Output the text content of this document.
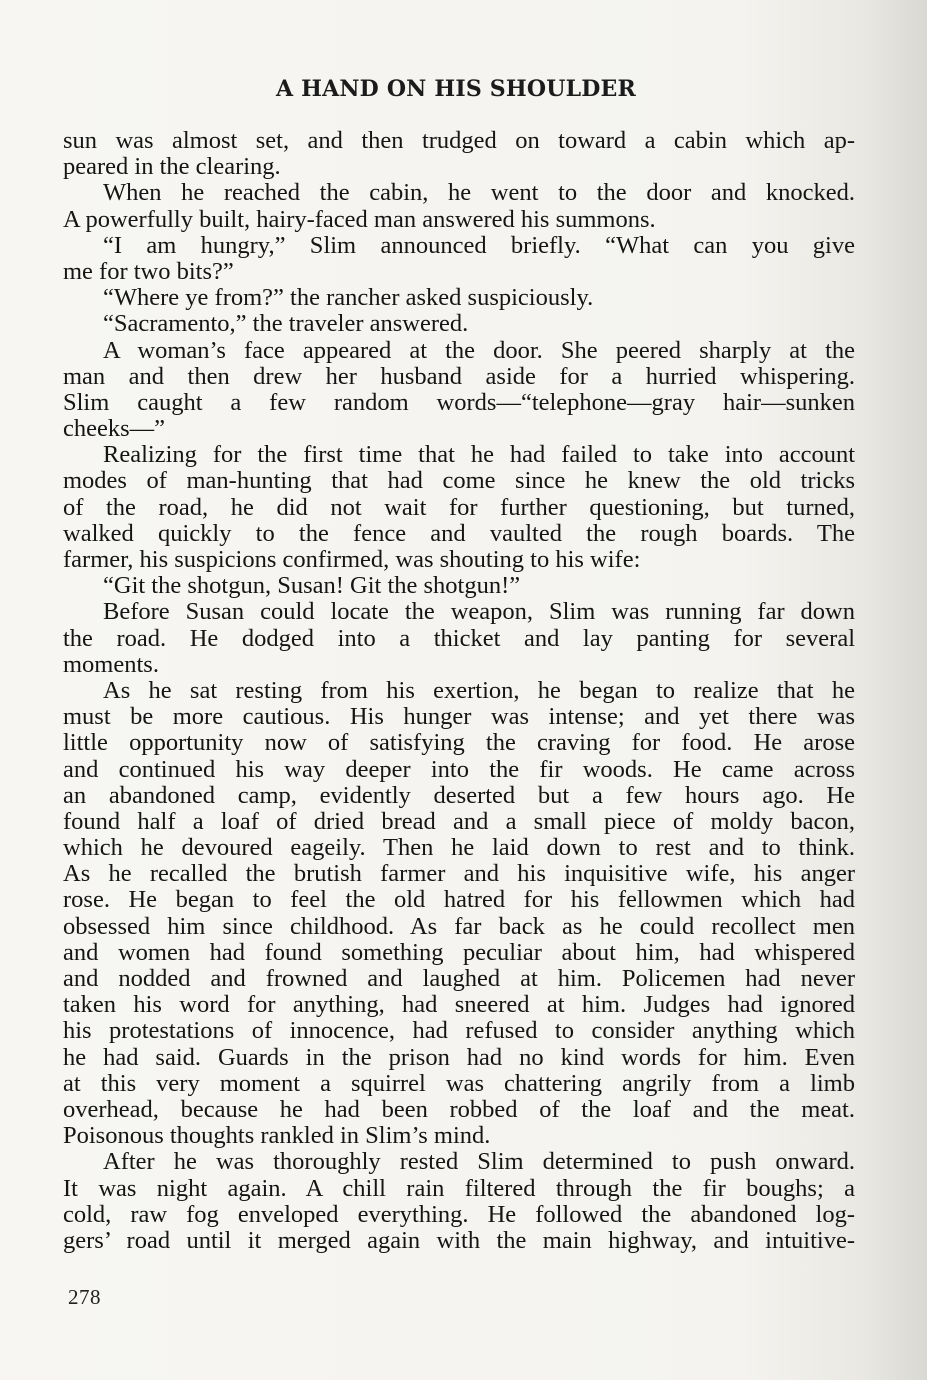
A HAND ON HIS SHOULDER
sun was almost set, and then trudged on toward a cabin which ap-
peared in the clearing.
When he reached the cabin, he went to the door and knocked.
A powerfully built, hairy-faced man answered his summons.
“I am hungry,” Slim announced briefly. “What can you give
me for two bits?”
“Where ye from?” the rancher asked suspiciously.
“Sacramento,” the traveler answered.
A woman’s face appeared at the door. She peered sharply at the
man and then drew her husband aside for a hurried whispering.
Slim caught a few random words—“telephone—gray hair—sunken
cheeks—”
Realizing for the first time that he had failed to take into account
modes of man-hunting that had come since he knew the old tricks
of the road, he did not wait for further questioning, but turned,
walked quickly to the fence and vaulted the rough boards. The
farmer, his suspicions confirmed, was shouting to his wife:
“Git the shotgun, Susan! Git the shotgun!”
Before Susan could locate the weapon, Slim was running far down
the road. He dodged into a thicket and lay panting for several
moments.
As he sat resting from his exertion, he began to realize that he
must be more cautious. His hunger was intense; and yet there was
little opportunity now of satisfying the craving for food. He arose
and continued his way deeper into the fir woods. He came across
an abandoned camp, evidently deserted but a few hours ago. He
found half a loaf of dried bread and a small piece of moldy bacon,
which he devoured eageily. Then he laid down to rest and to think.
As he recalled the brutish farmer and his inquisitive wife, his anger
rose. He began to feel the old hatred for his fellowmen which had
obsessed him since childhood. As far back as he could recollect men
and women had found something peculiar about him, had whispered
and nodded and frowned and laughed at him. Policemen had never
taken his word for anything, had sneered at him. Judges had ignored
his protestations of innocence, had refused to consider anything which
he had said. Guards in the prison had no kind words for him. Even
at this very moment a squirrel was chattering angrily from a limb
overhead, because he had been robbed of the loaf and the meat.
Poisonous thoughts rankled in Slim’s mind.
After he was thoroughly rested Slim determined to push onward.
It was night again. A chill rain filtered through the fir boughs; a
cold, raw fog enveloped everything. He followed the abandoned log-
gers’ road until it merged again with the main highway, and intuitive-
278
